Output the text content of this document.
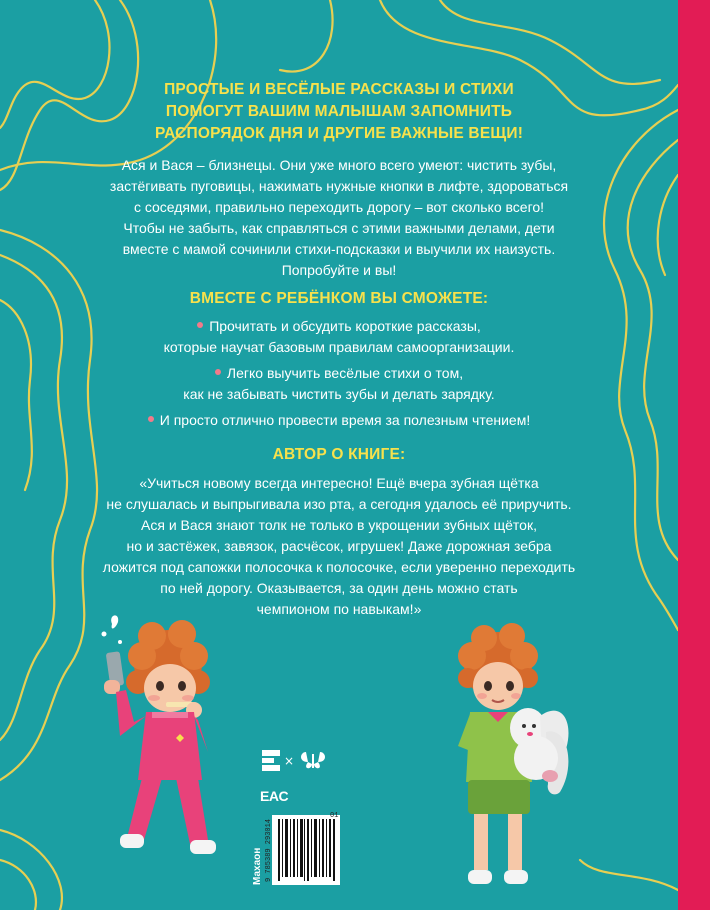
ПРОСТЫЕ И ВЕСЁЛЫЕ РАССКАЗЫ И СТИХИ
ПОМОГУТ ВАШИМ МАЛЫШАМ ЗАПОМНИТЬ
РАСПОРЯДОК ДНЯ И ДРУГИЕ ВАЖНЫЕ ВЕЩИ!
Ася и Вася – близнецы. Они уже много всего умеют: чистить зубы,
застёгивать пуговицы, нажимать нужные кнопки в лифте, здороваться
с соседями, правильно переходить дорогу – вот сколько всего!
Чтобы не забыть, как справляться с этими важными делами, дети
вместе с мамой сочинили стихи-подсказки и выучили их наизусть.
Попробуйте и вы!
ВМЕСТЕ С РЕБЁНКОМ ВЫ СМОЖЕТЕ:
Прочитать и обсудить короткие рассказы,
которые научат базовым правилам самоорганизации.
Легко выучить весёлые стихи о том,
как не забывать чистить зубы и делать зарядку.
И просто отлично провести время за полезным чтением!
АВТОР О КНИГЕ:
«Учиться новому всегда интересно! Ещё вчера зубная щётка
не слушалась и выпрыгивала изо рта, а сегодня удалось её приручить.
Ася и Вася знают толк не только в укрощении зубных щёток,
но и застёжек, завязок, расчёсок, игрушек! Даже дорожная зебра
ложится под сапожки полосочка к полосочке, если уверенно переходить
по ней дорогу. Оказывается, за один день можно стать
чемпионом по навыкам!»
×
EAC
Махаон 9 785389 293014
01
